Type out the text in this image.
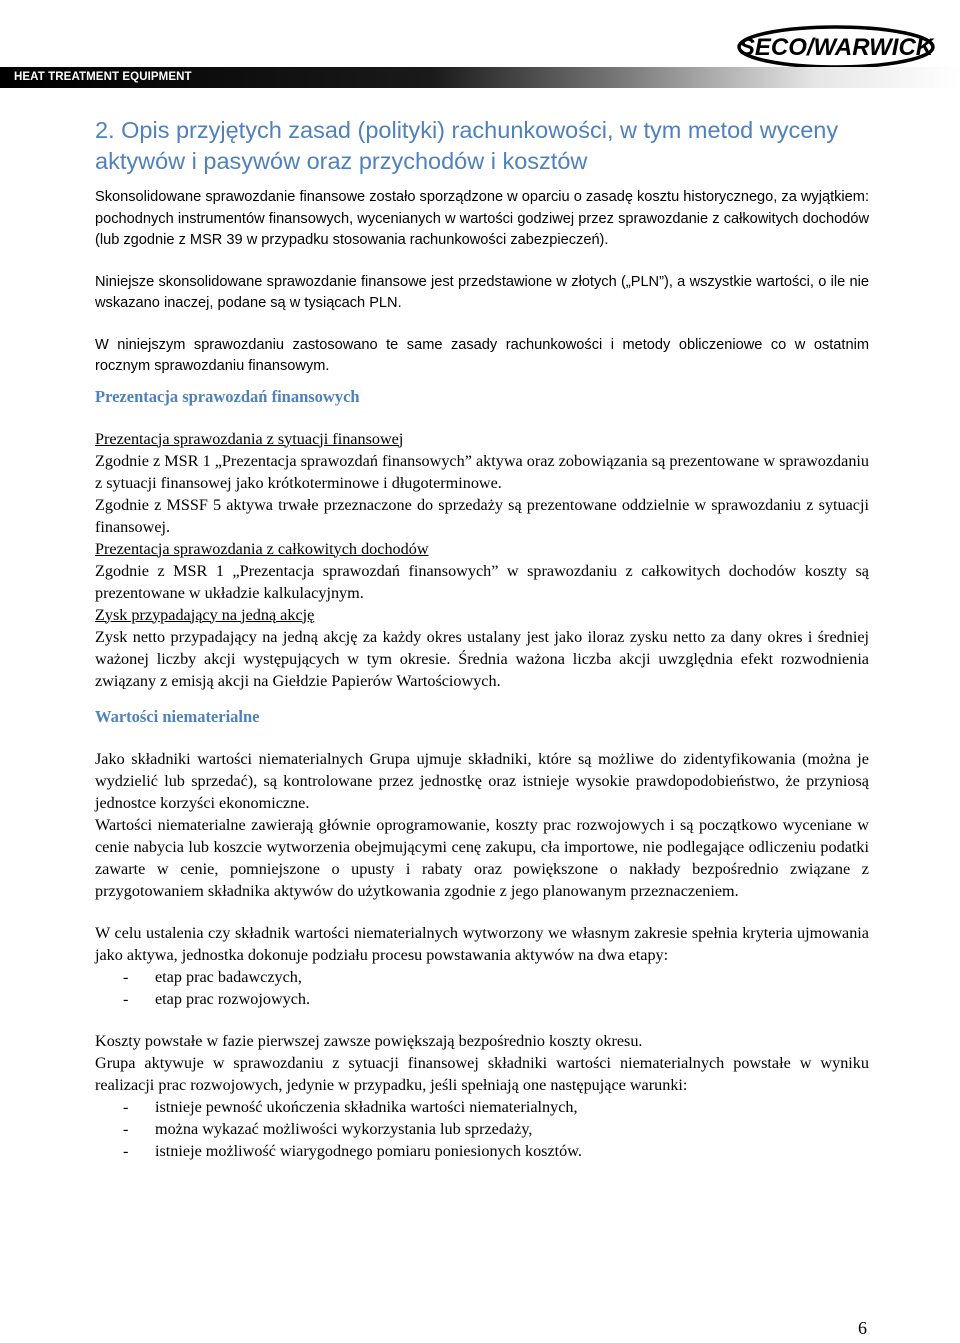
SECO/WARWICK
HEAT TREATMENT EQUIPMENT
2. Opis przyjętych zasad (polityki) rachunkowości, w tym metod wyceny aktywów i pasywów oraz przychodów i kosztów

Skonsolidowane sprawozdanie finansowe zostało sporządzone w oparciu o zasadę kosztu historycznego, za wyjątkiem: pochodnych instrumentów finansowych, wycenianych w wartości godziwej przez sprawozdanie z całkowitych dochodów (lub zgodnie z MSR 39 w przypadku stosowania rachunkowości zabezpieczeń).

Niniejsze skonsolidowane sprawozdanie finansowe jest przedstawione w złotych („PLN”), a wszystkie wartości, o ile nie wskazano inaczej, podane są w tysiącach PLN.

W niniejszym sprawozdaniu zastosowano te same zasady rachunkowości i metody obliczeniowe co w ostatnim rocznym sprawozdaniu finansowym.

Prezentacja sprawozdań finansowych

Prezentacja sprawozdania z sytuacji finansowej

Zgodnie z MSR 1 „Prezentacja sprawozdań finansowych” aktywa oraz zobowiązania są prezentowane w sprawozdaniu z sytuacji finansowej jako krótkoterminowe i długoterminowe.

Zgodnie z MSSF 5 aktywa trwałe przeznaczone do sprzedaży są prezentowane oddzielnie w sprawozdaniu z sytuacji finansowej.

Prezentacja sprawozdania z całkowitych dochodów

Zgodnie z MSR 1 „Prezentacja sprawozdań finansowych” w sprawozdaniu z całkowitych dochodów koszty są prezentowane w układzie kalkulacyjnym.

Zysk przypadający na jedną akcję

Zysk netto przypadający na jedną akcję za każdy okres ustalany jest jako iloraz zysku netto za dany okres i średniej ważonej liczby akcji występujących w tym okresie. Średnia ważona liczba akcji uwzględnia efekt rozwodnienia związany z emisją akcji na Giełdzie Papierów Wartościowych.

Wartości niematerialne

Jako składniki wartości niematerialnych Grupa ujmuje składniki, które są możliwe do zidentyfikowania (można je wydzielić lub sprzedać), są kontrolowane przez jednostkę oraz istnieje wysokie prawdopodobieństwo, że przyniosą jednostce korzyści ekonomiczne.

Wartości niematerialne zawierają głównie oprogramowanie, koszty prac rozwojowych i są początkowo wyceniane w cenie nabycia lub koszcie wytworzenia obejmującymi cenę zakupu, cła importowe, nie podlegające odliczeniu podatki zawarte w cenie, pomniejszone o upusty i rabaty oraz powiększone o nakłady bezpośrednio związane z przygotowaniem składnika aktywów do użytkowania zgodnie z jego planowanym przeznaczeniem.

W celu ustalenia czy składnik wartości niematerialnych wytworzony we własnym zakresie spełnia kryteria ujmowania jako aktywa, jednostka dokonuje podziału procesu powstawania aktywów na dwa etapy:

- etap prac badawczych,
- etap prac rozwojowych.

Koszty powstałe w fazie pierwszej zawsze powiększają bezpośrednio koszty okresu.

Grupa aktywuje w sprawozdaniu z sytuacji finansowej składniki wartości niematerialnych powstałe w wyniku realizacji prac rozwojowych, jedynie w przypadku, jeśli spełniają one następujące warunki:

- istnieje pewność ukończenia składnika wartości niematerialnych,
- można wykazać możliwości wykorzystania lub sprzedaży,
- istnieje możliwość wiarygodnego pomiaru poniesionych kosztów.
6
